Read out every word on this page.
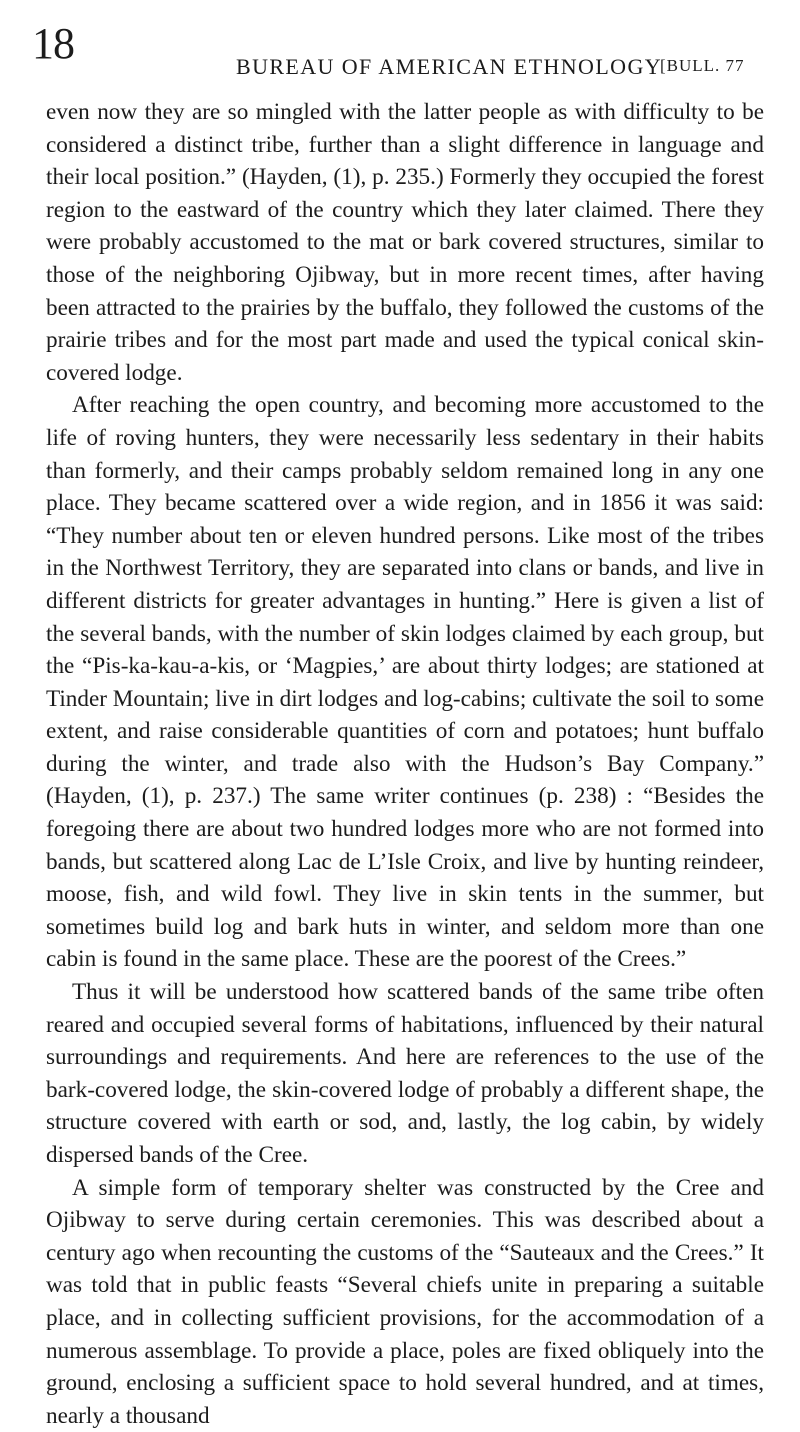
18	BUREAU OF AMERICAN ETHNOLOGY
[BULL. 77

even now they are so mingled with the latter people as with difficulty to be considered a distinct tribe, further than a slight difference in language and their local position.” (Hayden, (1), p. 235.) Formerly they occupied the forest region to the eastward of the country which they later claimed. There they were probably accustomed to the mat or bark covered structures, similar to those of the neighboring Ojibway, but in more recent times, after having been attracted to the prairies by the buffalo, they followed the customs of the prairie tribes and for the most part made and used the typical conical skin-covered lodge.

After reaching the open country, and becoming more accustomed to the life of roving hunters, they were necessarily less sedentary in their habits than formerly, and their camps probably seldom remained long in any one place. They became scattered over a wide region, and in 1856 it was said: “They number about ten or eleven hundred persons. Like most of the tribes in the Northwest Territory, they are separated into clans or bands, and live in different districts for greater advantages in hunting.” Here is given a list of the several bands, with the number of skin lodges claimed by each group, but the “Pis-ka-kau-a-kis, or ‘Magpies,’ are about thirty lodges; are stationed at Tinder Mountain; live in dirt lodges and log-cabins; cultivate the soil to some extent, and raise considerable quantities of corn and potatoes; hunt buffalo during the winter, and trade also with the Hudson’s Bay Company.” (Hayden, (1), p. 237.) The same writer continues (p. 238) : “Besides the foregoing there are about two hundred lodges more who are not formed into bands, but scattered along Lac de L’Isle Croix, and live by hunting reindeer, moose, fish, and wild fowl. They live in skin tents in the summer, but sometimes build log and bark huts in winter, and seldom more than one cabin is found in the same place. These are the poorest of the Crees.”

Thus it will be understood how scattered bands of the same tribe often reared and occupied several forms of habitations, influenced by their natural surroundings and requirements. And here are references to the use of the bark-covered lodge, the skin-covered lodge of probably a different shape, the structure covered with earth or sod, and, lastly, the log cabin, by widely dispersed bands of the Cree.

A simple form of temporary shelter was constructed by the Cree and Ojibway to serve during certain ceremonies. This was described about a century ago when recounting the customs of the “Sauteaux and the Crees.” It was told that in public feasts “Several chiefs unite in preparing a suitable place, and in collecting sufficient provisions, for the accommodation of a numerous assemblage. To provide a place, poles are fixed obliquely into the ground, enclosing a sufficient space to hold several hundred, and at times, nearly a thousand
